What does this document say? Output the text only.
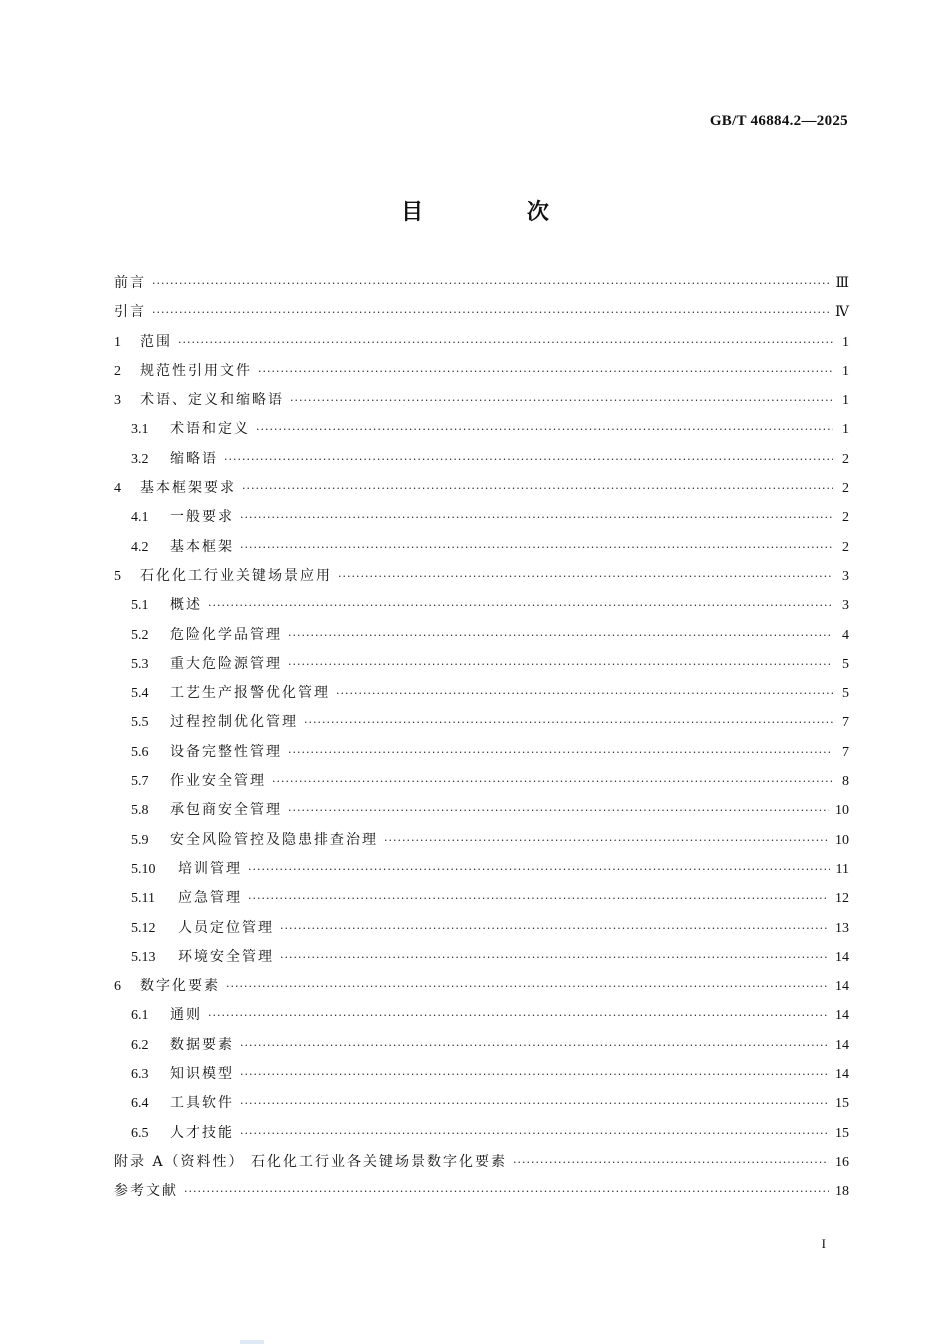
GB/T 46884.2—2025
目 次
前言 ·····	Ⅲ
引言 ·····	Ⅳ
1	范围 ·····	1
2	规范性引用文件 ·····	1
3	术语、定义和缩略语 ·····	1
3.1	术语和定义 ·····	1
3.2	缩略语 ·····	2
4	基本框架要求 ·····	2
4.1	一般要求 ·····	2
4.2	基本框架 ·····	2
5	石化化工行业关键场景应用 ·····	3
5.1	概述 ·····	3
5.2	危险化学品管理 ·····	4
5.3	重大危险源管理 ·····	5
5.4	工艺生产报警优化管理 ·····	5
5.5	过程控制优化管理 ·····	7
5.6	设备完整性管理 ·····	7
5.7	作业安全管理 ·····	8
5.8	承包商安全管理 ·····	10
5.9	安全风险管控及隐患排查治理 ·····	10
5.10	培训管理 ·····	11
5.11	应急管理 ·····	12
5.12	人员定位管理 ·····	13
5.13	环境安全管理 ·····	14
6	数字化要素 ·····	14
6.1	通则 ·····	14
6.2	数据要素 ·····	14
6.3	知识模型 ·····	14
6.4	工具软件 ·····	15
6.5	人才技能 ·····	15
附录 A（资料性） 石化化工行业各关键场景数字化要素 ·····	16
参考文献 ·····	18
I
